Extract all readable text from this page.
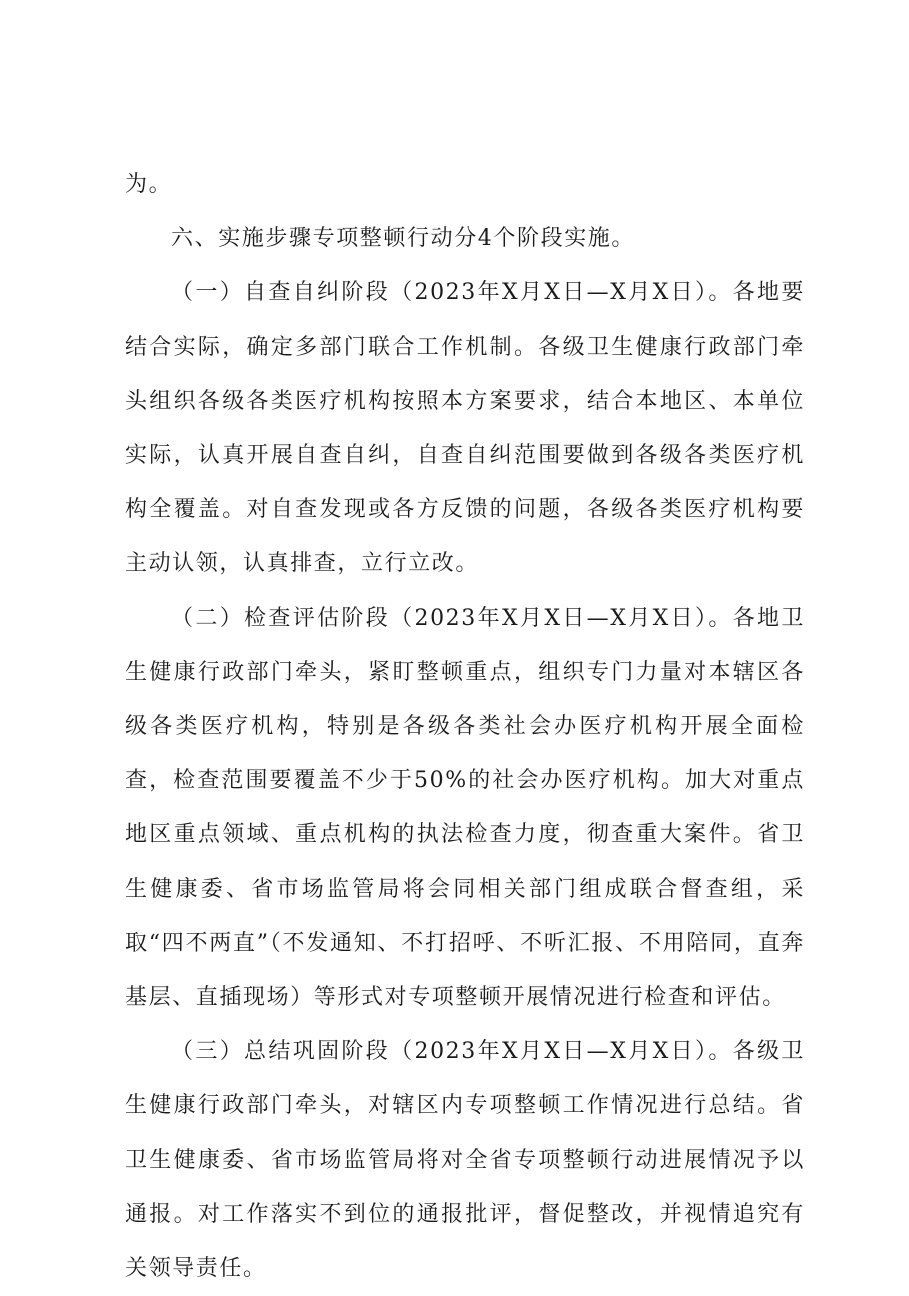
为。

六、实施步骤专项整顿行动分4个阶段实施。

（一）自查自纠阶段（2023年X月X日—X月X日）。各地要结合实际，确定多部门联合工作机制。各级卫生健康行政部门牵头组织各级各类医疗机构按照本方案要求，结合本地区、本单位实际，认真开展自查自纠，自查自纠范围要做到各级各类医疗机构全覆盖。对自查发现或各方反馈的问题，各级各类医疗机构要主动认领，认真排查，立行立改。

（二）检查评估阶段（2023年X月X日—X月X日）。各地卫生健康行政部门牵头，紧盯整顿重点，组织专门力量对本辖区各级各类医疗机构，特别是各级各类社会办医疗机构开展全面检查，检查范围要覆盖不少于50%的社会办医疗机构。加大对重点地区重点领域、重点机构的执法检查力度，彻查重大案件。省卫生健康委、省市场监管局将会同相关部门组成联合督查组，采取“四不两直”（不发通知、不打招呼、不听汇报、不用陪同，直奔基层、直插现场）等形式对专项整顿开展情况进行检查和评估。

（三）总结巩固阶段（2023年X月X日—X月X日）。各级卫生健康行政部门牵头，对辖区内专项整顿工作情况进行总结。省卫生健康委、省市场监管局将对全省专项整顿行动进展情况予以通报。对工作落实不到位的通报批评，督促整改，并视情追究有关领导责任。
